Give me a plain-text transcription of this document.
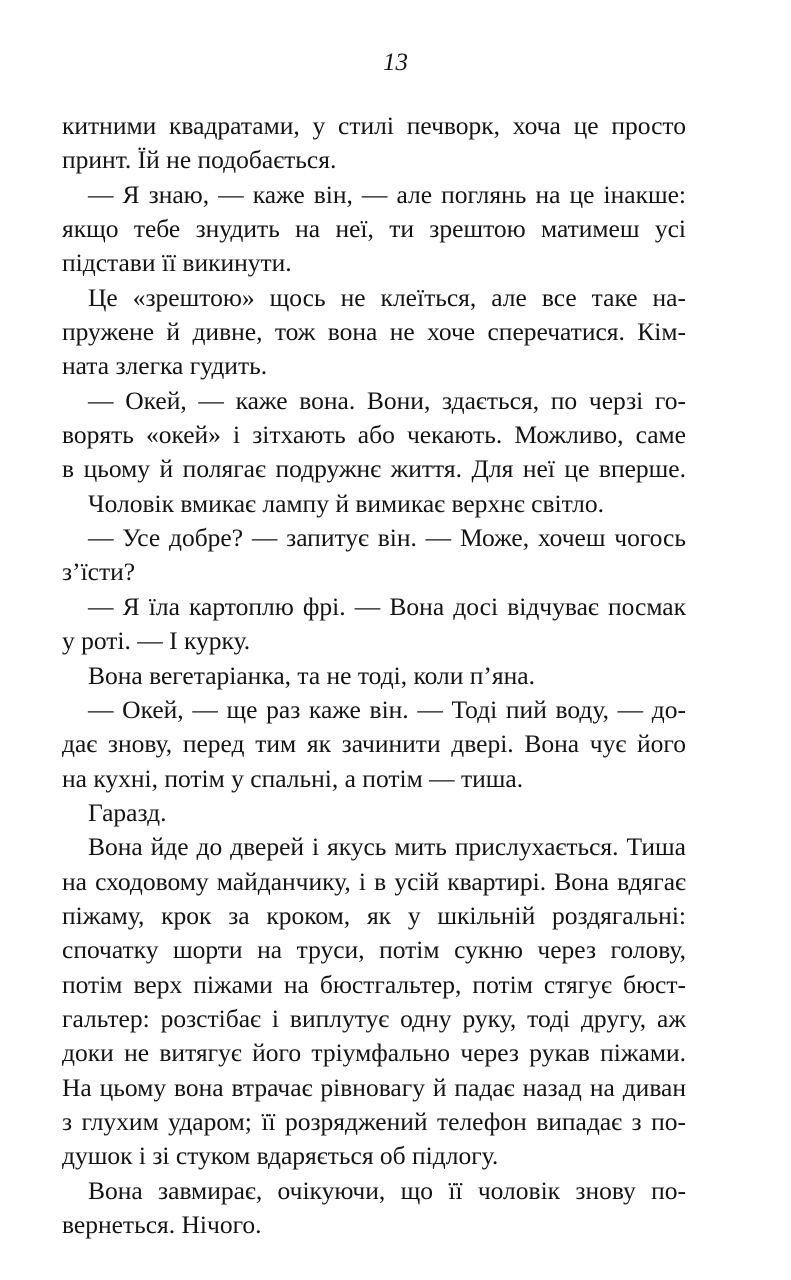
13
китними квадратами, у стилі печворк, хоча це просто
принт. Їй не подобається.
— Я знаю, — каже він, — але поглянь на це інакше:
якщо тебе знудить на неї, ти зрештою матимеш усі
підстави її викинути.
Це «зрештою» щось не клеїться, але все таке на-
пружене й дивне, тож вона не хоче сперечатися. Кім-
ната злегка гудить.
— Окей, — каже вона. Вони, здається, по черзі го-
ворять «окей» і зітхають або чекають. Можливо, саме
в цьому й полягає подружнє життя. Для неї це вперше.
Чоловік вмикає лампу й вимикає верхнє світло.
— Усе добре? — запитує він. — Може, хочеш чогось
з’їсти?
— Я їла картоплю фрі. — Вона досі відчуває посмак
у роті. — І курку.
Вона вегетаріанка, та не тоді, коли п’яна.
— Окей, — ще раз каже він. — Тоді пий воду, — до-
дає знову, перед тим як зачинити двері. Вона чує його
на кухні, потім у спальні, а потім — тиша.
Гаразд.
Вона йде до дверей і якусь мить прислухається. Тиша
на сходовому майданчику, і в усій квартирі. Вона вдягає
піжаму, крок за кроком, як у шкільній роздягальні:
спочатку шорти на труси, потім сукню через голову,
потім верх піжами на бюстгальтер, потім стягує бюст-
гальтер: розстібає і виплутує одну руку, тоді другу, аж
доки не витягує його тріумфально через рукав піжами.
На цьому вона втрачає рівновагу й падає назад на диван
з глухим ударом; її розряджений телефон випадає з по-
душок і зі стуком вдаряється об підлогу.
Вона завмирає, очікуючи, що її чоловік знову по-
вернеться. Нічого.
